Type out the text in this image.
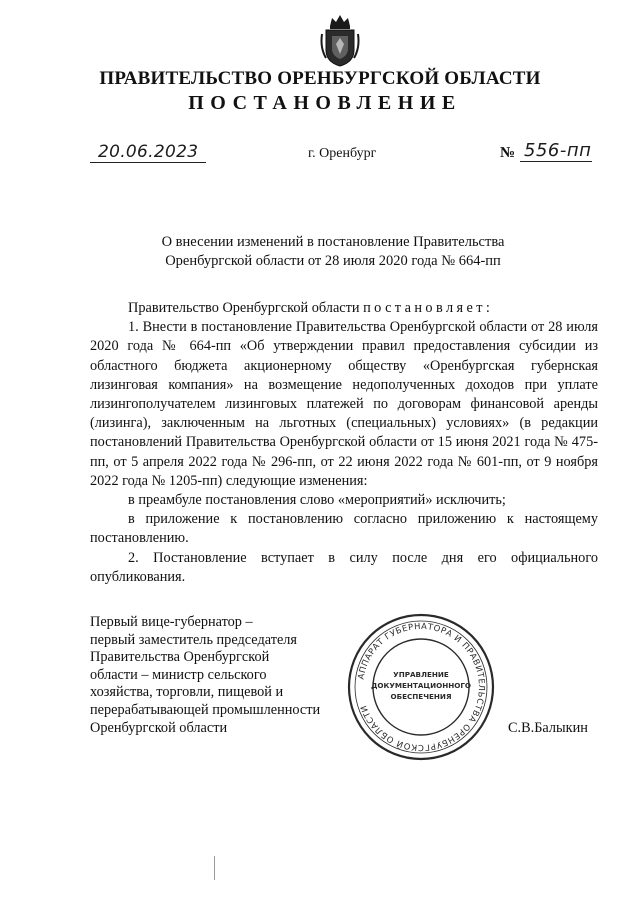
ПРАВИТЕЛЬСТВО ОРЕНБУРГСКОЙ ОБЛАСТИ
ПОСТАНОВЛЕНИЕ
20.06.2023	г. Оренбург	№ 556-пп
О внесении изменений в постановление Правительства
Оренбургской области от 28 июля 2020 года № 664-пп

Правительство Оренбургской области постановляет:

1. Внести в постановление Правительства Оренбургской области от 28 июля 2020 года № 664-пп «Об утверждении правил предоставления субсидии из областного бюджета акционерному обществу «Оренбургская губернская лизинговая компания» на возмещение недополученных доходов при уплате лизингополучателем лизинговых платежей по договорам финансовой аренды (лизинга), заключенным на льготных (специальных) условиях» (в редакции постановлений Правительства Оренбургской области от 15 июня 2021 года № 475-пп, от 5 апреля 2022 года № 296-пп, от 22 июня 2022 года № 601-пп, от 9 ноября 2022 года № 1205-пп) следующие изменения:

в преамбуле постановления слово «мероприятий» исключить;

в приложение к постановлению согласно приложению к настоящему постановлению.

2. Постановление вступает в силу после дня его официального опубликования.

Первый вице-губернатор –
первый заместитель председателя
Правительства Оренбургской
области – министр сельского
хозяйства, торговли, пищевой и
перерабатывающей промышленности
Оренбургской области
АППАРАТ ГУБЕРНАТОРА И ПРАВИТЕЛЬСТВА ОРЕНБУРГСКОЙ ОБЛАСТИ
УПРАВЛЕНИЕ
ДОКУМЕНТАЦИОННОГО
ОБЕСПЕЧЕНИЯ
С.В.Балыкин
